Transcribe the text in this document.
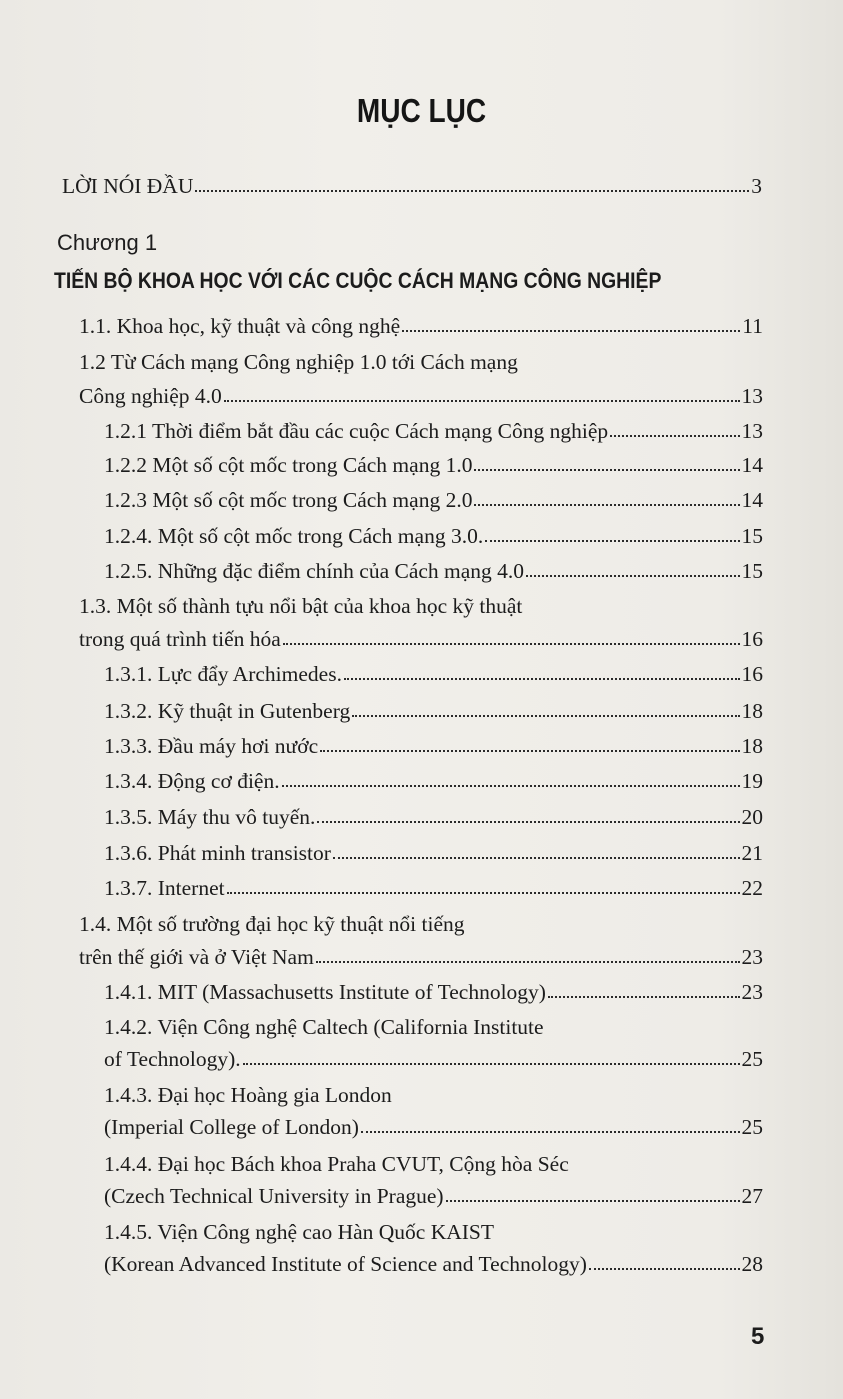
MỤC LỤC
LỜI NÓI ĐẦU	3
Chương 1
TIẾN BỘ KHOA HỌC VỚI CÁC CUỘC CÁCH MẠNG CÔNG NGHIỆP
1.1. Khoa học, kỹ thuật và công nghệ	11
1.2 Từ Cách mạng Công nghiệp 1.0 tới Cách mạng
Công nghiệp 4.0	13
1.2.1 Thời điểm bắt đầu các cuộc Cách mạng Công nghiệp	13
1.2.2 Một số cột mốc trong Cách mạng 1.0	14
1.2.3 Một số cột mốc trong Cách mạng 2.0	14
1.2.4. Một số cột mốc trong Cách mạng 3.0.	15
1.2.5. Những đặc điểm chính của Cách mạng 4.0	15
1.3. Một số thành tựu nổi bật của khoa học kỹ thuật
trong quá trình tiến hóa	16
1.3.1. Lực đẩy Archimedes.	16
1.3.2. Kỹ thuật in Gutenberg	18
1.3.3. Đầu máy hơi nước	18
1.3.4. Động cơ điện.	19
1.3.5. Máy thu vô tuyến.	20
1.3.6. Phát minh transistor	21
1.3.7. Internet	22
1.4. Một số trường đại học kỹ thuật nổi tiếng
trên thế giới và ở Việt Nam	23
1.4.1. MIT (Massachusetts Institute of Technology)	23
1.4.2. Viện Công nghệ Caltech (California Institute
of Technology).	25
1.4.3. Đại học Hoàng gia London
(Imperial College of London)	25
1.4.4. Đại học Bách khoa Praha CVUT, Cộng hòa Séc
(Czech Technical University in Prague)	27
1.4.5. Viện Công nghệ cao Hàn Quốc KAIST
(Korean Advanced Institute of Science and Technology)	28
5
